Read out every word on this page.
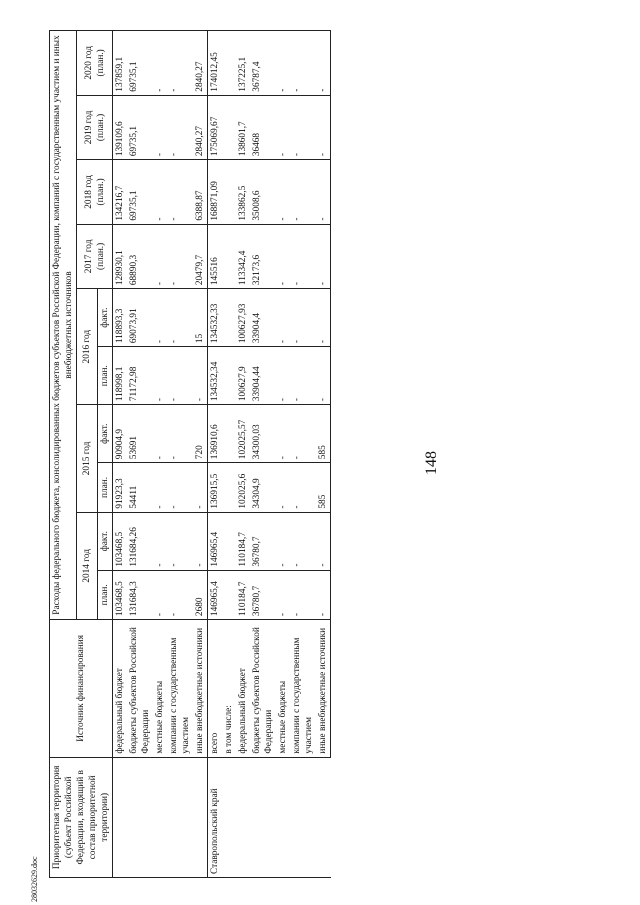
148
Приоритетная территория (субъект Российской Федерации, входящий в состав приоритетной территории)	Источник финансирования	Расходы федерального бюджета, консолидированных бюджетов субъектов Российской Федерации, компаний с государственным участием и иных внебюджетных источников									
		2014 год		2015 год		2016 год		2017 год (план.)	2018 год (план.)	2019 год (план.)	2020 год (план.)
		план.	факт.	план.	факт.	план.	факт.				
	федеральный бюджет	103468,5	103468,5	91923,3	90904,9	118998,1	118893,3	128930,1	134216,7	139109,6	137859,1
	бюджеты субъектов Российской Федерации	131684,3	131684,26	54411	53691	71172,98	69073,91	68890,3	69735,1	69735,1	69735,1
	местные бюджеты	-	-	-	-	-	-	-	-	-	-
	компании с государственным участием	-	-	-	-	-	-	-	-	-	-
	иные внебюджетные источники	2680	-	-	720	-	15	20479,7	6388,87	2840,27	2840,27
Ставропольский край	всего	146965,4	146965,4	136915,5	136910,6	134532,34	134532,33	145516	168871,09	175069,67	174012,45
	в том числе:										
	федеральный бюджет	110184,7	110184,7	102025,6	102025,57	100627,9	100627,93	113342,4	133862,5	138601,7	137225,1
	бюджеты субъектов Российской Федерации	36780,7	36780,7	34304,9	34300,03	33904,44	33904,4	32173,6	35008,6	36468	36787,4
	местные бюджеты	-	-	-	-	-	-	-	-	-	-
	компании с государственным участием	-	-	-	-	-	-	-	-	-	-
	иные внебюджетные источники	-	-	585	585	-	-	-	-	-	-
28032629.doc
